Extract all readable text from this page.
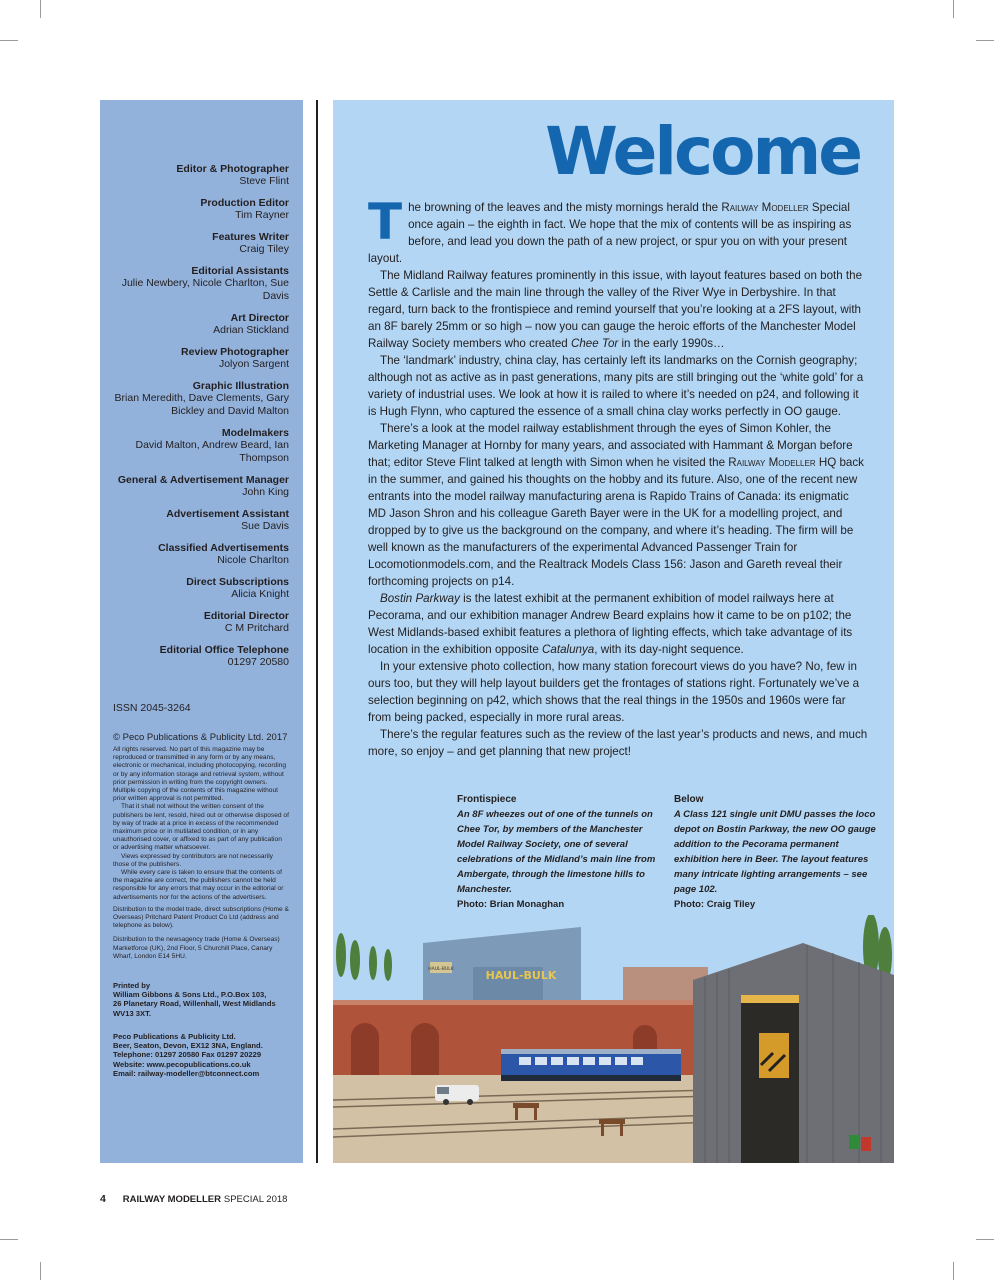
Editor & Photographer
Steve Flint
Production Editor
Tim Rayner
Features Writer
Craig Tiley
Editorial Assistants
Julie Newbery, Nicole Charlton, Sue Davis
Art Director
Adrian Stickland
Review Photographer
Jolyon Sargent
Graphic Illustration
Brian Meredith, Dave Clements, Gary Bickley and David Malton
Modelmakers
David Malton, Andrew Beard, Ian Thompson
General & Advertisement Manager
John King
Advertisement Assistant
Sue Davis
Classified Advertisements
Nicole Charlton
Direct Subscriptions
Alicia Knight
Editorial Director
C M Pritchard
Editorial Office Telephone
01297 20580
ISSN 2045-3264
© Peco Publications & Publicity Ltd. 2017

All rights reserved. No part of this magazine may be reproduced or transmitted in any form or by any means, electronic or mechanical, including photocopying, recording or by any information storage and retrieval system, without prior permission in writing from the copyright owners. Multiple copying of the contents of this magazine without prior written approval is not permitted.

That it shall not without the written consent of the publishers be lent, resold, hired out or otherwise disposed of by way of trade at a price in excess of the recommended maximum price or in mutilated condition, or in any unauthorised cover, or affixed to as part of any publication or advertising matter whatsoever.

Views expressed by contributors are not necessarily those of the publishers.

While every care is taken to ensure that the contents of the magazine are correct, the publishers cannot be held responsible for any errors that may occur in the editorial or advertisements nor for the actions of the advertisers.

Distribution to the model trade, direct subscriptions (Home & Overseas) Pritchard Patent Product Co Ltd (address and telephone as below).

Distribution to the newsagency trade (Home & Overseas) Marketforce (UK), 2nd Floor, 5 Churchill Place, Canary Wharf, London E14 5HU.

Printed by
William Gibbons & Sons Ltd., P.O.Box 103,
26 Planetary Road, Willenhall, West Midlands
WV13 3XT.
Peco Publications & Publicity Ltd.
Beer, Seaton, Devon, EX12 3NA, England.
Telephone: 01297 20580 Fax 01297 20229
Website: www.pecopublications.co.uk
Email: railway-modeller@btconnect.com
Welcome

The browning of the leaves and the misty mornings herald the Railway Modeller Special once again – the eighth in fact. We hope that the mix of contents will be as inspiring as before, and lead you down the path of a new project, or spur you on with your present layout.

The Midland Railway features prominently in this issue, with layout features based on both the Settle & Carlisle and the main line through the valley of the River Wye in Derbyshire. In that regard, turn back to the frontispiece and remind yourself that you’re looking at a 2FS layout, with an 8F barely 25mm or so high – now you can gauge the heroic efforts of the Manchester Model Railway Society members who created Chee Tor in the early 1990s…

The ‘landmark’ industry, china clay, has certainly left its landmarks on the Cornish geography; although not as active as in past generations, many pits are still bringing out the ‘white gold’ for a variety of industrial uses. We look at how it is railed to where it’s needed on p24, and following it is Hugh Flynn, who captured the essence of a small china clay works perfectly in OO gauge.

There’s a look at the model railway establishment through the eyes of Simon Kohler, the Marketing Manager at Hornby for many years, and associated with Hammant & Morgan before that; editor Steve Flint talked at length with Simon when he visited the Railway Modeller HQ back in the summer, and gained his thoughts on the hobby and its future. Also, one of the recent new entrants into the model railway manufacturing arena is Rapido Trains of Canada: its enigmatic MD Jason Shron and his colleague Gareth Bayer were in the UK for a modelling project, and dropped by to give us the background on the company, and where it’s heading. The firm will be well known as the manufacturers of the experimental Advanced Passenger Train for Locomotionmodels.com, and the Realtrack Models Class 156: Jason and Gareth reveal their forthcoming projects on p14.

Bostin Parkway is the latest exhibit at the permanent exhibition of model railways here at Pecorama, and our exhibition manager Andrew Beard explains how it came to be on p102; the West Midlands-based exhibit features a plethora of lighting effects, which take advantage of its location in the exhibition opposite Catalunya, with its day-night sequence.

In your extensive photo collection, how many station forecourt views do you have? No, few in ours too, but they will help layout builders get the frontages of stations right. Fortunately we’ve a selection beginning on p42, which shows that the real things in the 1950s and 1960s were far from being packed, especially in more rural areas.

There’s the regular features such as the review of the last year’s products and news, and much more, so enjoy – and get planning that new project!

Frontispiece
An 8F wheezes out of one of the tunnels on Chee Tor, by members of the Manchester Model Railway Society, one of several celebrations of the Midland’s main line from Ambergate, through the limestone hills to Manchester.
Photo: Brian Monaghan
Below
A Class 121 single unit DMU passes the loco depot on Bostin Parkway, the new OO gauge addition to the Pecorama permanent exhibition here in Beer. The layout features many intricate lighting arrangements – see page 102.
Photo: Craig Tiley
HAUL-BULK
HAUL-BULK
4 RAILWAY MODELLER SPECIAL 2018
